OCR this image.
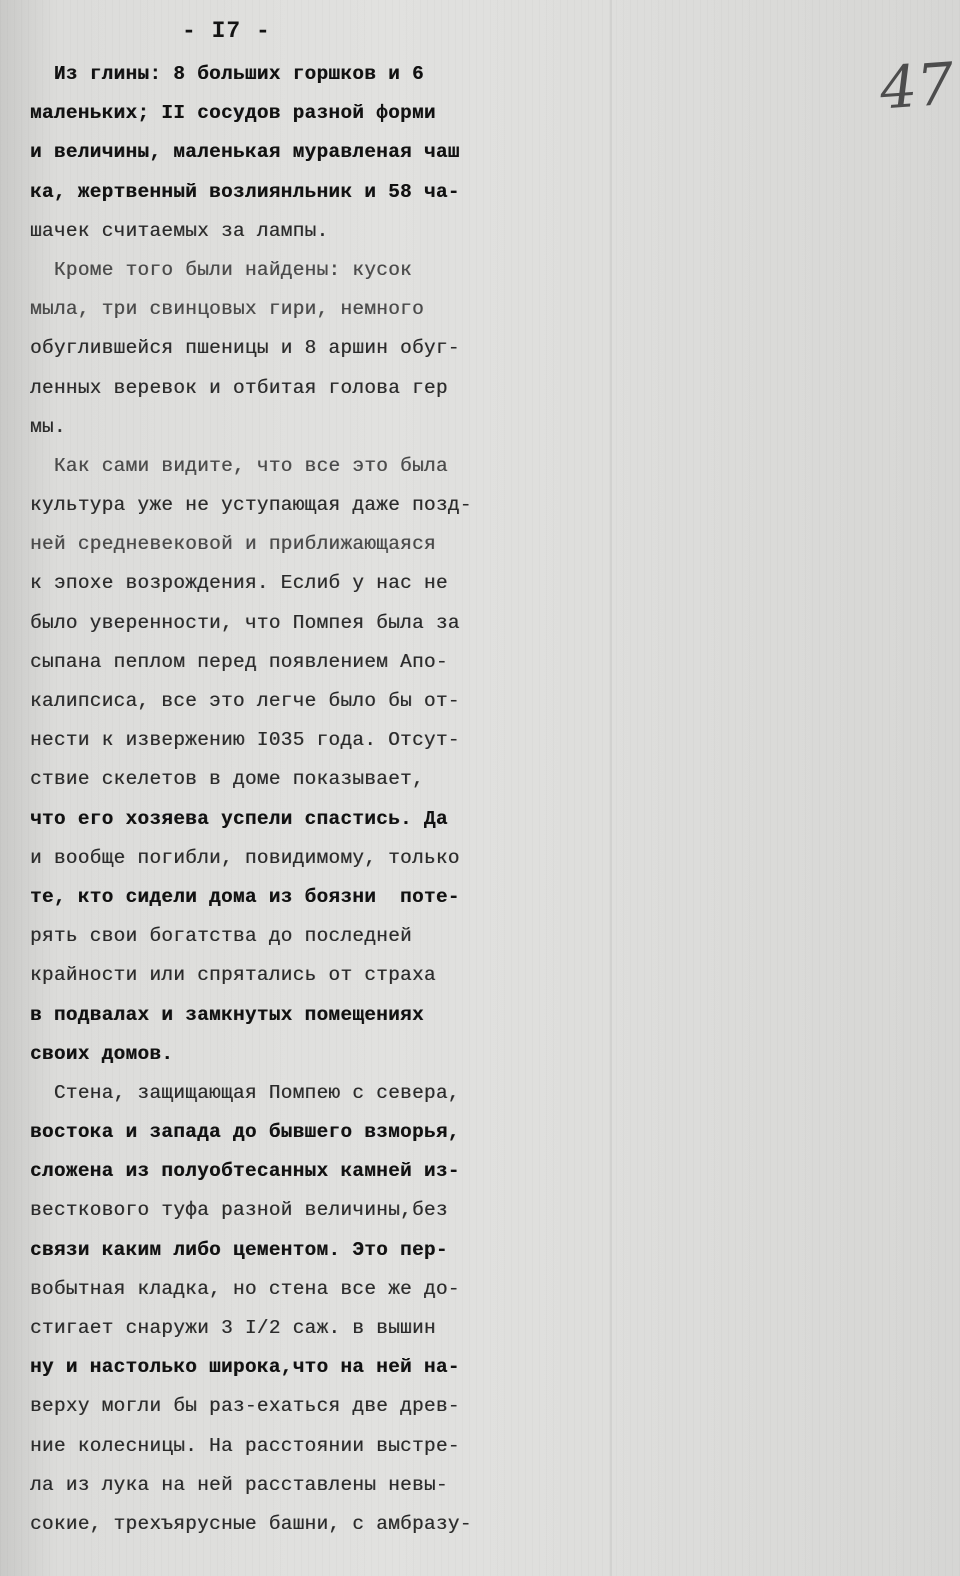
- I7 -
47
Из глины: 8 больших горшков и 6
маленьких; II сосудов разной форми
и величины, маленькая муравленая чаш
ка, жертвенный возлиянльник и 58 ча-
шачек считаемых за лампы.
Кроме того были найдены: кусок
мыла, три свинцовых гири, немного
обуглившейся пшеницы и 8 аршин обуг-
ленных веревок и отбитая голова гер
мы.
Как сами видите, что все это была
культура уже не уступающая даже позд-
ней средневековой и приближающаяся
к эпохе возрождения. Еслиб у нас не
было уверенности, что Помпея была за
сыпана пеплом перед появлением Апо-
калипсиса, все это легче было бы от-
нести к извержению I035 года. Отсут-
ствие скелетов в доме показывает,
что его хозяева успели спастись. Да
и вообще погибли, повидимому, только
те, кто сидели дома из боязни  поте-
рять свои богатства до последней
крайности или спрятались от страха
в подвалах и замкнутых помещениях
своих домов.
Стена, защищающая Помпею с севера,
востока и запада до бывшего взморья,
сложена из полуобтесанных камней из-
весткового туфа разной величины,без
связи каким либо цементом. Это пер-
вобытная кладка, но стена все же до-
стигает снаружи 3 I/2 саж. в вышин
ну и настолько широка,что на ней на-
верху могли бы раз-ехаться две древ-
ние колесницы. На расстоянии выстре-
ла из лука на ней расставлены невы-
сокие, трехъярусные башни, с амбразу-
